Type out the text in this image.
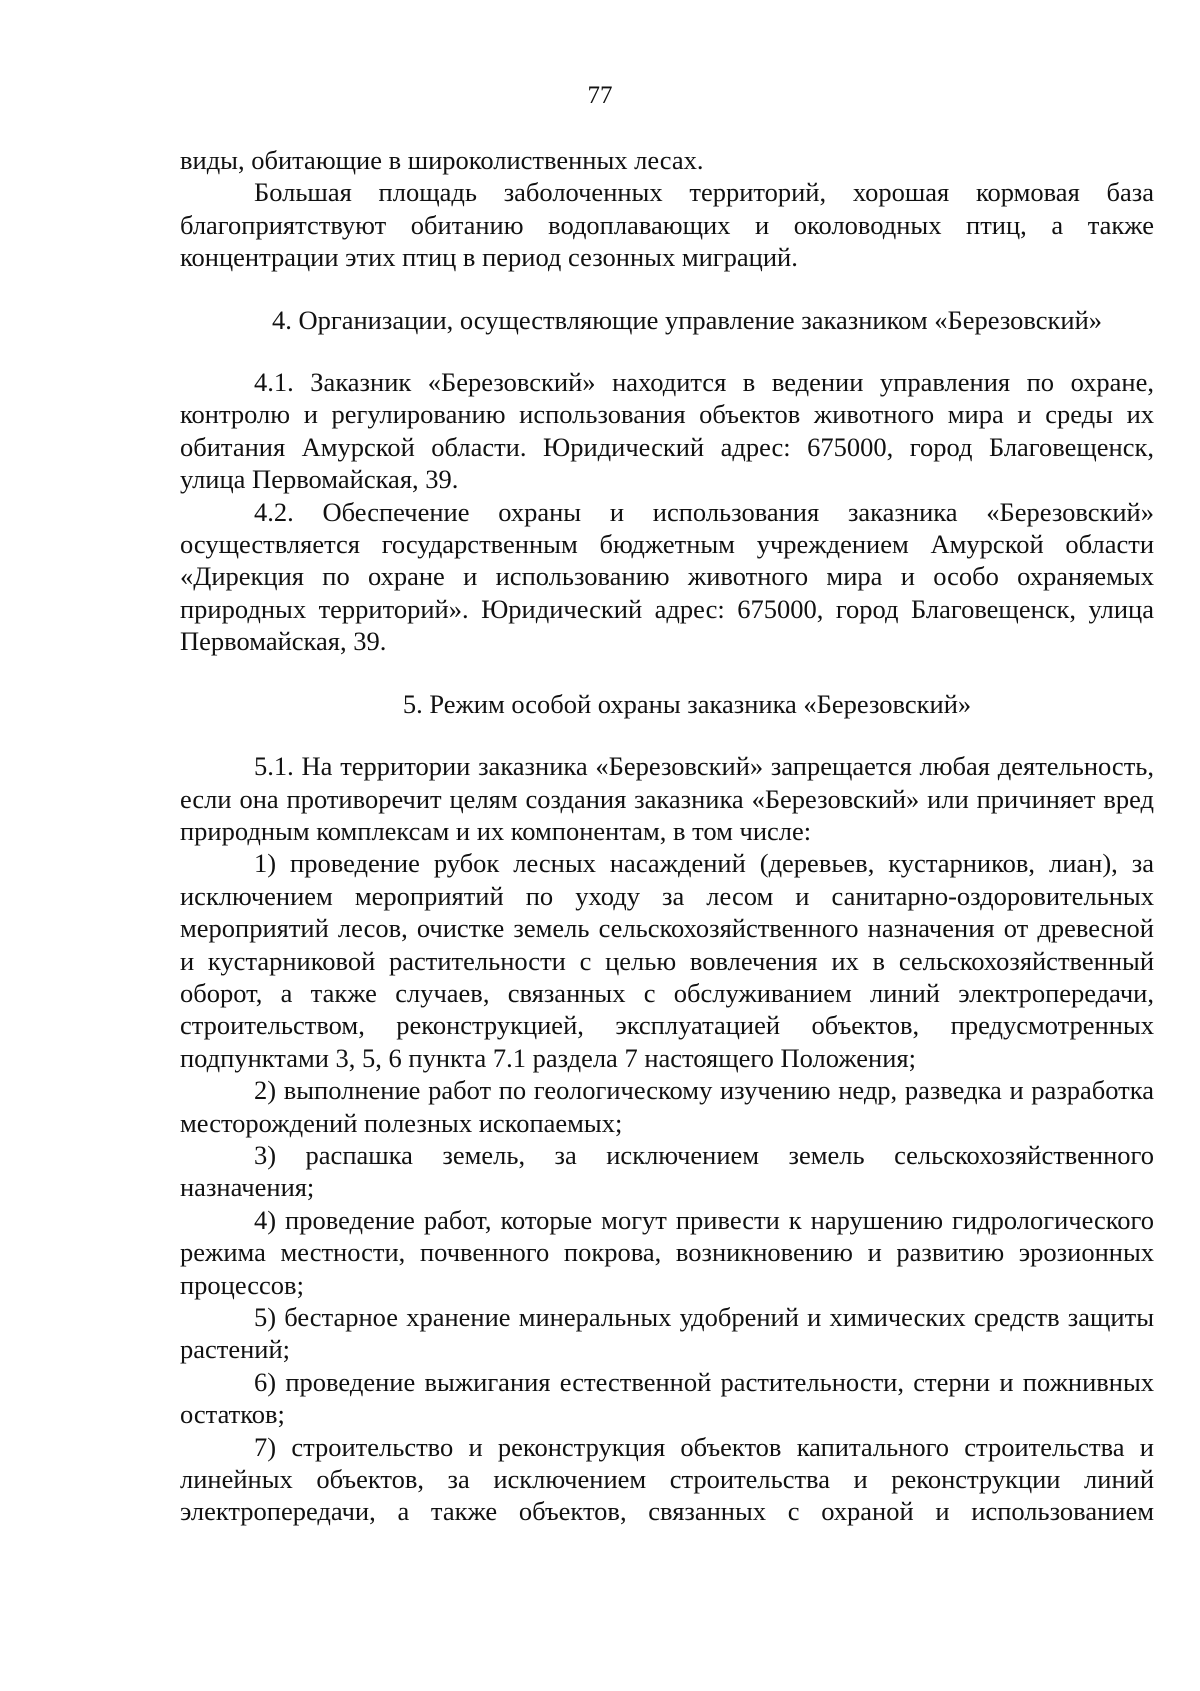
77

виды, обитающие в широколиственных лесах.

Большая площадь заболоченных территорий, хорошая кормовая база благоприятствуют обитанию водоплавающих и околоводных птиц, а также концентрации этих птиц в период сезонных миграций.

4. Организации, осуществляющие управление заказником «Березовский»

4.1. Заказник «Березовский» находится в ведении управления по охране, контролю и регулированию использования объектов животного мира и среды их обитания Амурской области. Юридический адрес: 675000, город Благовещенск, улица Первомайская, 39.

4.2. Обеспечение охраны и использования заказника «Березовский» осуществляется государственным бюджетным учреждением Амурской области «Дирекция по охране и использованию животного мира и особо охраняемых природных территорий». Юридический адрес: 675000, город Благовещенск, улица Первомайская, 39.

5. Режим особой охраны заказника «Березовский»

5.1. На территории заказника «Березовский» запрещается любая деятельность, если она противоречит целям создания заказника «Березовский» или причиняет вред природным комплексам и их компонентам, в том числе:

1) проведение рубок лесных насаждений (деревьев, кустарников, лиан), за исключением мероприятий по уходу за лесом и санитарно-оздоровительных мероприятий лесов, очистке земель сельскохозяйственного назначения от древесной и кустарниковой растительности с целью вовлечения их в сельскохозяйственный оборот, а также случаев, связанных с обслуживанием линий электропередачи, строительством, реконструкцией, эксплуатацией объектов, предусмотренных подпунктами 3, 5, 6 пункта 7.1 раздела 7 настоящего Положения;

2) выполнение работ по геологическому изучению недр, разведка и разработка месторождений полезных ископаемых;

3) распашка земель, за исключением земель сельскохозяйственного назначения;

4) проведение работ, которые могут привести к нарушению гидрологического режима местности, почвенного покрова, возникновению и развитию эрозионных процессов;

5) бестарное хранение минеральных удобрений и химических средств защиты растений;

6) проведение выжигания естественной растительности, стерни и пожнивных остатков;

7) строительство и реконструкция объектов капитального строительства и линейных объектов, за исключением строительства и реконструкции линий электропередачи, а также объектов, связанных с охраной и использованием
